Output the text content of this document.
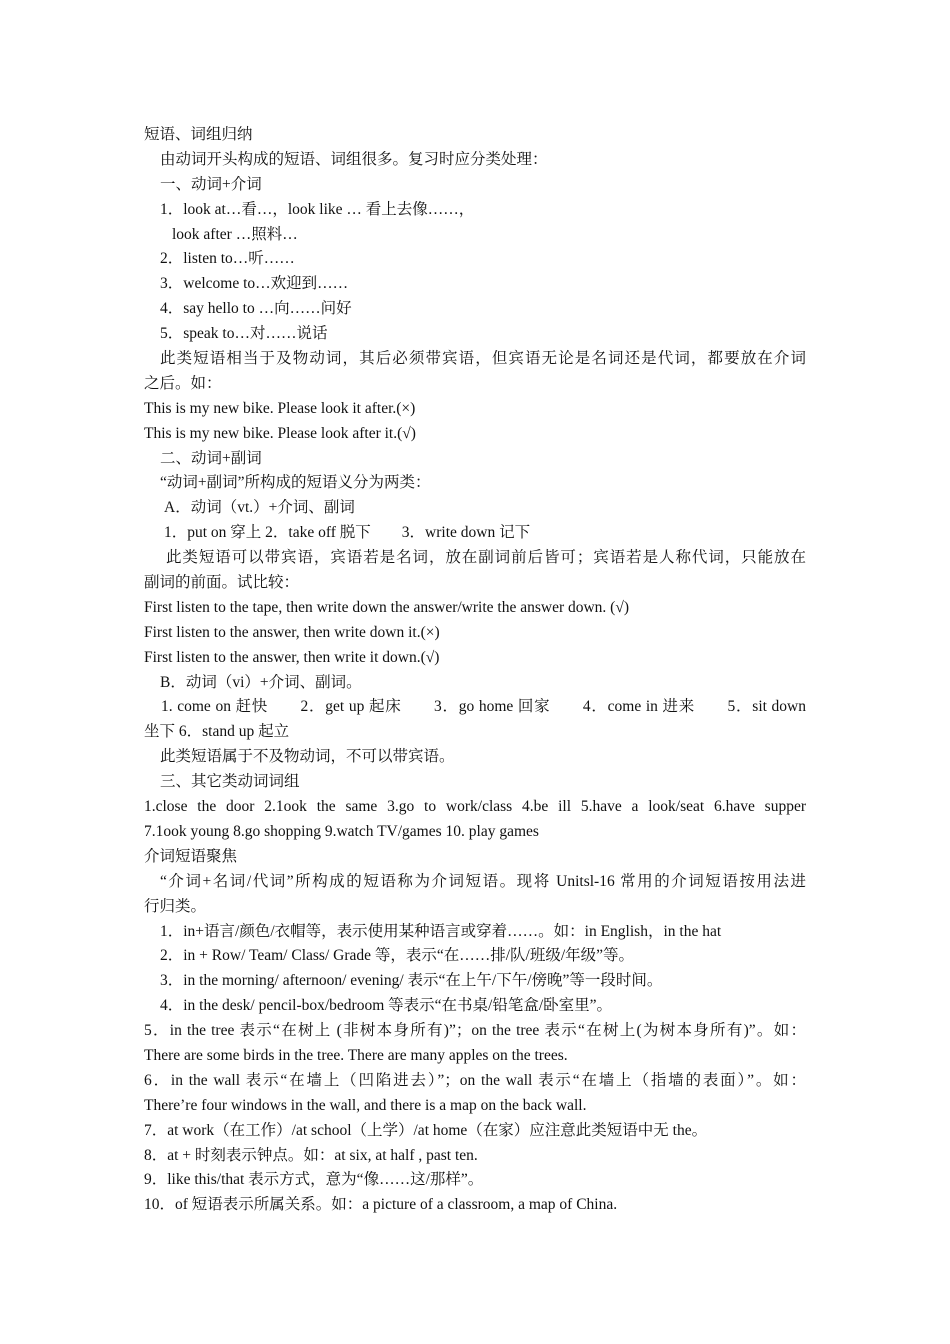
短语、词组归纳
由动词开头构成的短语、词组很多。复习时应分类处理：
一、动词+介词
1．look at…看…，look like … 看上去像……，
look after …照料…
2．listen to…听……
3．welcome to…欢迎到……
4．say hello to …向……问好
5．speak to…对……说话
此类短语相当于及物动词，其后必须带宾语，但宾语无论是名词还是代词，都要放在介词
之后。如：
This is my new bike. Please look it after.(×)
This is my new bike. Please look after it.(√)
二、动词+副词
“动词+副词”所构成的短语义分为两类：
A．动词（vt.）+介词、副词
1．put on 穿上 2．take off 脱下　　3．write down 记下
此类短语可以带宾语，宾语若是名词，放在副词前后皆可；宾语若是人称代词，只能放在
副词的前面。试比较：
First listen to the tape, then write down the answer/write the answer down. (√)
First listen to the answer, then write down it.(×)
First listen to the answer, then write it down.(√)
B．动词（vi）+介词、副词。
1. come on 赶快　　2．get up 起床　　3．go home 回家　　4．come in 进来　　5．sit down
坐下 6．stand up 起立
此类短语属于不及物动词，不可以带宾语。
三、其它类动词词组
1.close the door 2.1ook the same 3.go to work/class 4.be ill 5.have a look/seat 6.have supper
7.1ook young 8.go shopping 9.watch TV/games 10. play games
介词短语聚焦
“介词+名词/代词”所构成的短语称为介词短语。现将 Unitsl-16 常用的介词短语按用法进
行归类。
1．in+语言/颜色/衣帽等，表示使用某种语言或穿着……。如：in English，in the hat
2．in + Row/ Team/ Class/ Grade 等，表示“在……排/队/班级/年级”等。
3．in the morning/ afternoon/ evening/ 表示“在上午/下午/傍晚”等一段时间。
4．in the desk/ pencil-box/bedroom 等表示“在书桌/铅笔盒/卧室里”。
5．in the tree 表示“在树上 (非树本身所有)”；on the tree 表示“在树上(为树本身所有)”。如：
There are some birds in the tree. There are many apples on the trees.
6．in the wall 表示“在墙上（凹陷进去）”；on the wall 表示“在墙上（指墙的表面）”。如：
There’re four windows in the wall, and there is a map on the back wall.
7．at work（在工作）/at school（上学）/at home（在家）应注意此类短语中无 the。
8．at + 时刻表示钟点。如：at six, at half , past ten.
9．like this/that 表示方式，意为“像……这/那样”。
10．of 短语表示所属关系。如：a picture of a classroom, a map of China.
